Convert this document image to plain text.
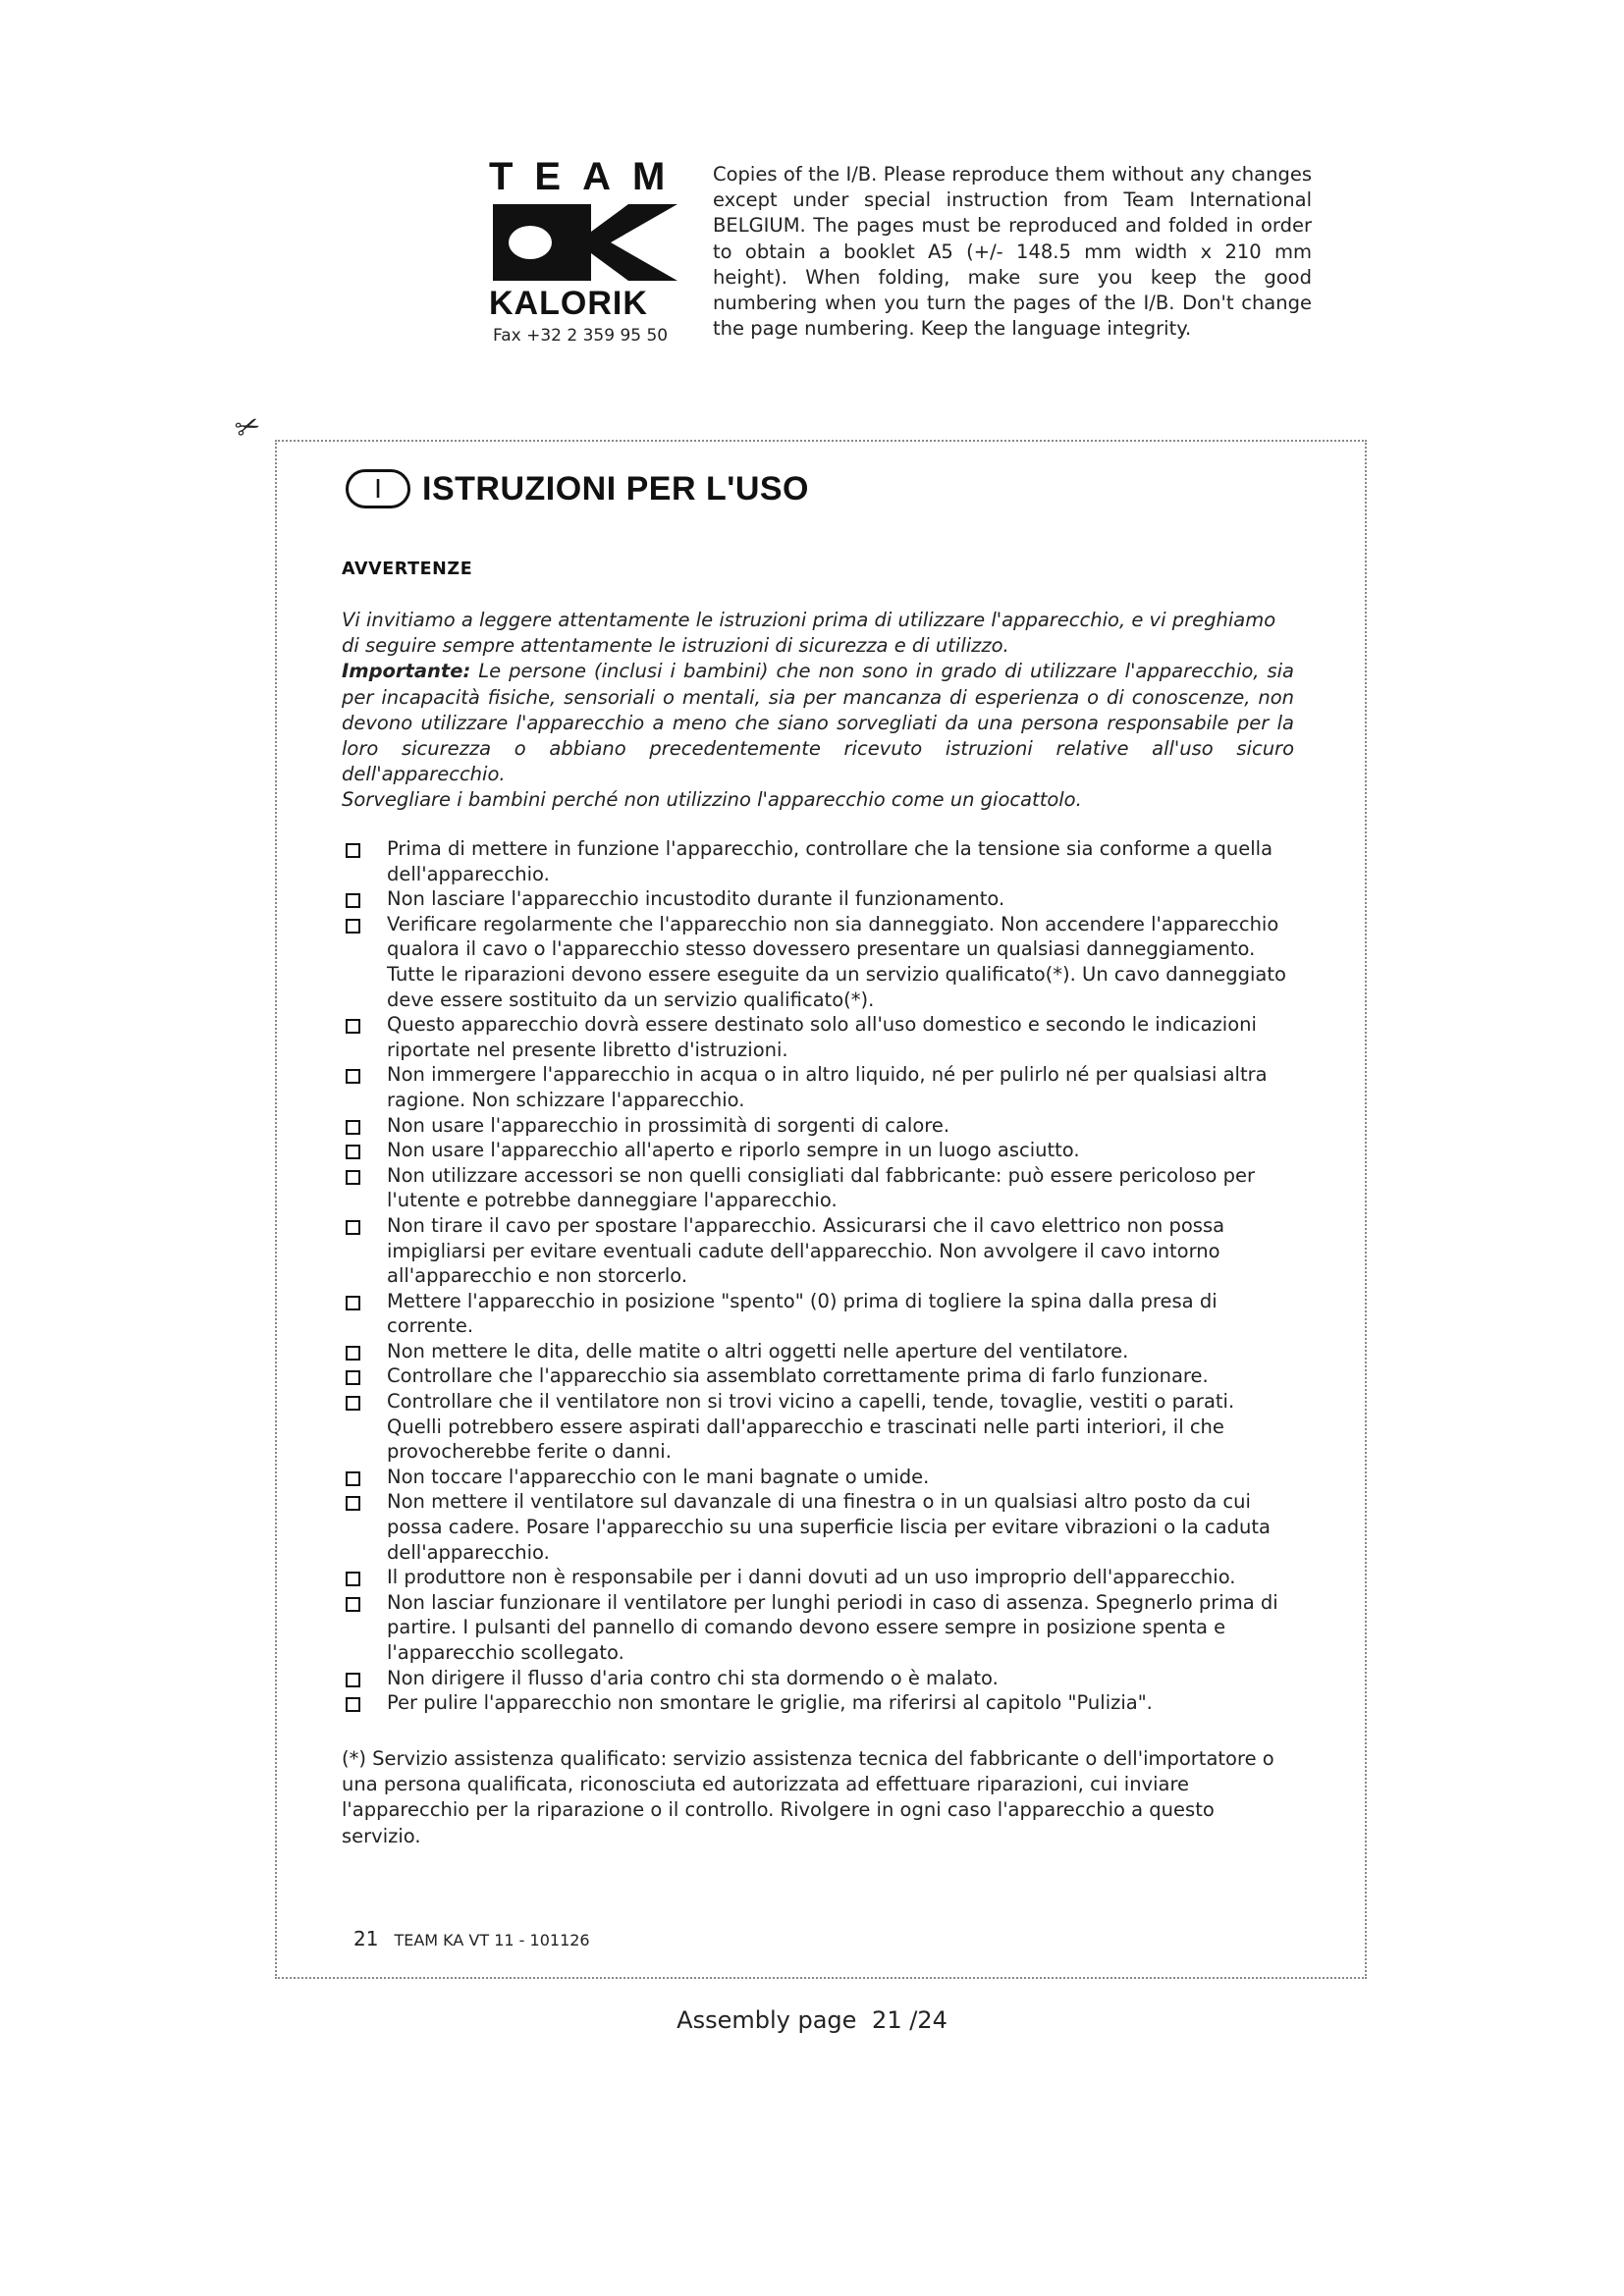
TEAM
KALORIK
Fax +32 2 359 95 50
Copies of the I/B. Please reproduce them without any changes except under special instruction from Team International BELGIUM. The pages must be reproduced and folded in order to obtain a booklet A5 (+/- 148.5 mm width x 210 mm height). When folding, make sure you keep the good numbering when you turn the pages of the I/B. Don't change the page numbering. Keep the language integrity.
✂
I	ISTRUZIONI PER L'USO
AVVERTENZE

Vi invitiamo a leggere attentamente le istruzioni prima di utilizzare l'apparecchio, e vi preghiamo di seguire sempre attentamente le istruzioni di sicurezza e di utilizzo.

Importante: Le persone (inclusi i bambini) che non sono in grado di utilizzare l'apparecchio, sia per incapacità fisiche, sensoriali o mentali, sia per mancanza di esperienza o di conoscenze, non devono utilizzare l'apparecchio a meno che siano sorvegliati da una persona responsabile per la loro sicurezza o abbiano precedentemente ricevuto istruzioni relative all'uso sicuro dell'apparecchio.

Sorvegliare i bambini perché non utilizzino l'apparecchio come un giocattolo.

Prima di mettere in funzione l'apparecchio, controllare che la tensione sia conforme a quella dell'apparecchio.
Non lasciare l'apparecchio incustodito durante il funzionamento.
Verificare regolarmente che l'apparecchio non sia danneggiato. Non accendere l'apparecchio qualora il cavo o l'apparecchio stesso dovessero presentare un qualsiasi danneggiamento. Tutte le riparazioni devono essere eseguite da un servizio qualificato(*). Un cavo danneggiato deve essere sostituito da un servizio qualificato(*).
Questo apparecchio dovrà essere destinato solo all'uso domestico e secondo le indicazioni riportate nel presente libretto d'istruzioni.
Non immergere l'apparecchio in acqua o in altro liquido, né per pulirlo né per qualsiasi altra ragione. Non schizzare l'apparecchio.
Non usare l'apparecchio in prossimità di sorgenti di calore.
Non usare l'apparecchio all'aperto e riporlo sempre in un luogo asciutto.
Non utilizzare accessori se non quelli consigliati dal fabbricante: può essere pericoloso per l'utente e potrebbe danneggiare l'apparecchio.
Non tirare il cavo per spostare l'apparecchio. Assicurarsi che il cavo elettrico non possa impigliarsi per evitare eventuali cadute dell'apparecchio. Non avvolgere il cavo intorno all'apparecchio e non storcerlo.
Mettere l'apparecchio in posizione "spento" (0) prima di togliere la spina dalla presa di corrente.
Non mettere le dita, delle matite o altri oggetti nelle aperture del ventilatore.
Controllare che l'apparecchio sia assemblato correttamente prima di farlo funzionare.
Controllare che il ventilatore non si trovi vicino a capelli, tende, tovaglie, vestiti o parati. Quelli potrebbero essere aspirati dall'apparecchio e trascinati nelle parti interiori, il che provocherebbe ferite o danni.
Non toccare l'apparecchio con le mani bagnate o umide.
Non mettere il ventilatore sul davanzale di una finestra o in un qualsiasi altro posto da cui possa cadere. Posare l'apparecchio su una superficie liscia per evitare vibrazioni o la caduta dell'apparecchio.
Il produttore non è responsabile per i danni dovuti ad un uso improprio dell'apparecchio.
Non lasciar funzionare il ventilatore per lunghi periodi in caso di assenza. Spegnerlo prima di partire. I pulsanti del pannello di comando devono essere sempre in posizione spenta e l'apparecchio scollegato.
Non dirigere il flusso d'aria contro chi sta dormendo o è malato.
Per pulire l'apparecchio non smontare le griglie, ma riferirsi al capitolo "Pulizia".
(*) Servizio assistenza qualificato: servizio assistenza tecnica del fabbricante o dell'importatore o una persona qualificata, riconosciuta ed autorizzata ad effettuare riparazioni, cui inviare l'apparecchio per la riparazione o il controllo. Rivolgere in ogni caso l'apparecchio a questo servizio.
21 TEAM KA VT 11 - 101126
Assembly page 21 /24
